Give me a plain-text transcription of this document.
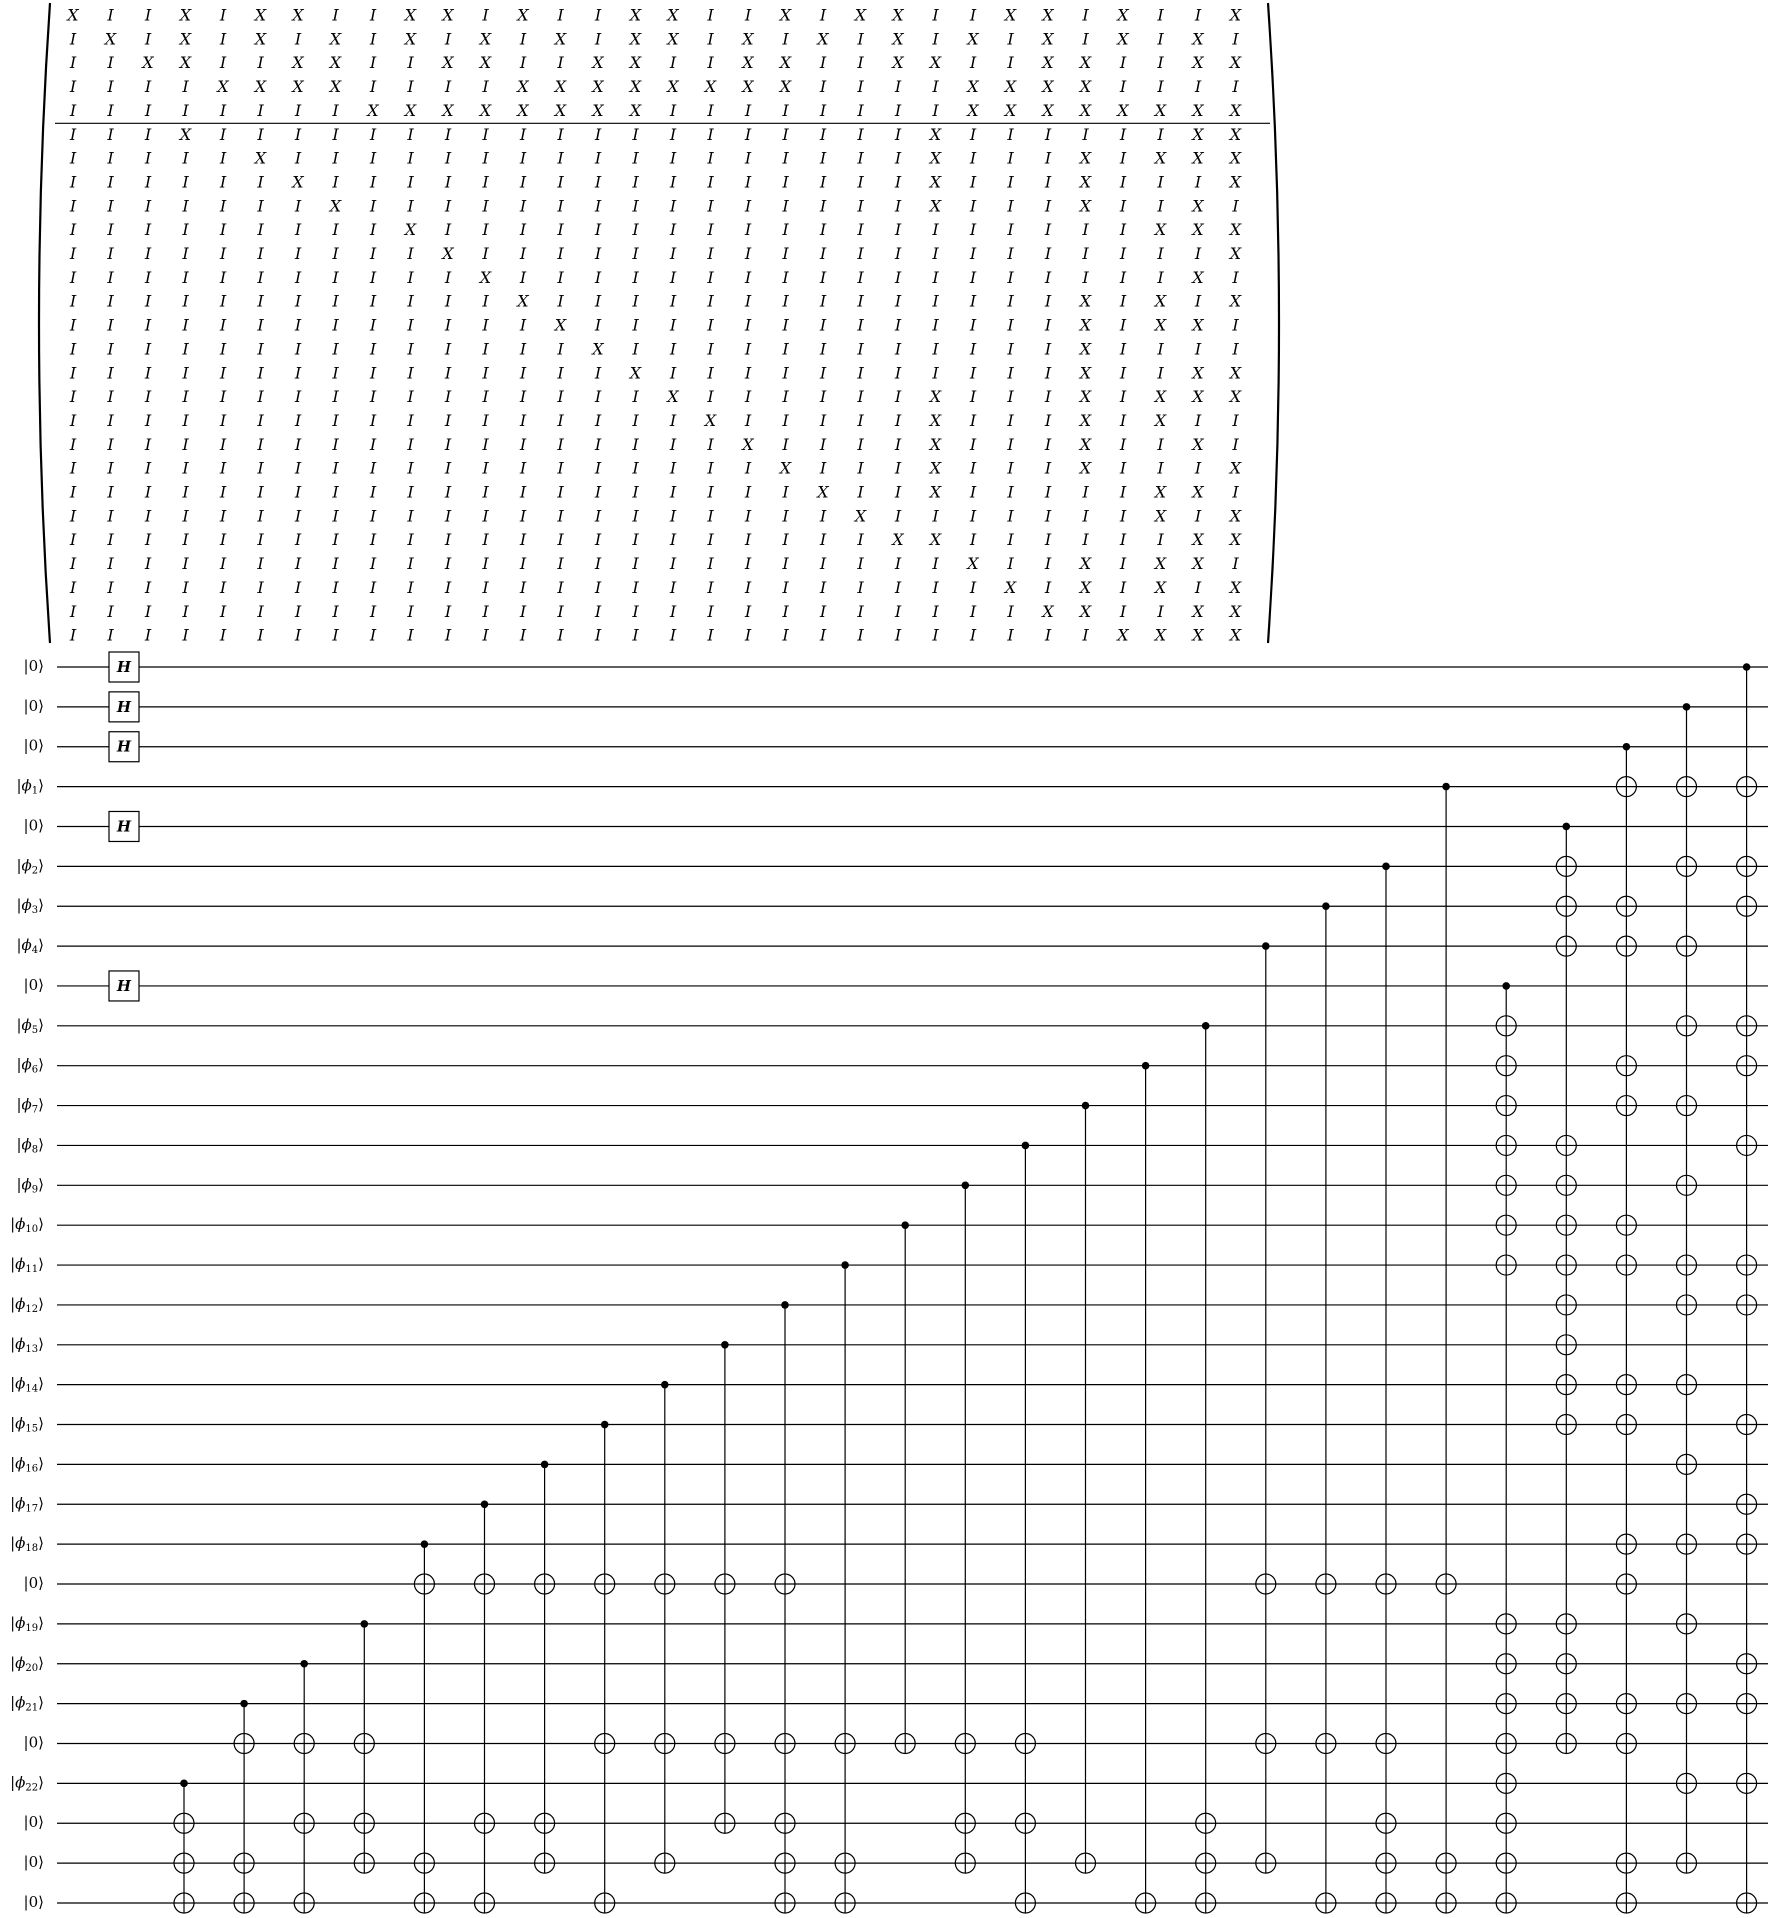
X I I X I X X I I X X I X I I X X I I X I X X I I X X I X I I X
I X I X I X I X I X I X I X I X X I X I X I X I X I X I X I X I
I I X X I I X X I I X X I I X X I I X X I I X X I I X X I I X X
I I I I X X X X I I I I X X X X X X X X I I I I X X X X I I I I
I I I I I I I I X X X X X X X X I I I I I I I I X X X X X X X X
I I I X I I I I I I I I I I I I I I I I I I I X I I I I I I X X
I I I I I X I I I I I I I I I I I I I I I I I X I I I X I X X X
I I I I I I X I I I I I I I I I I I I I I I I X I I I X I I I X
I I I I I I I X I I I I I I I I I I I I I I I X I I I X I I X I
I I I I I I I I I X I I I I I I I I I I I I I I I I I I I X X X
I I I I I I I I I I X I I I I I I I I I I I I I I I I I I I I X
I I I I I I I I I I I X I I I I I I I I I I I I I I I I I I X I
I I I I I I I I I I I I X I I I I I I I I I I I I I I X I X I X
I I I I I I I I I I I I I X I I I I I I I I I I I I I X I X X I
I I I I I I I I I I I I I I X I I I I I I I I I I I I X I I I I
I I I I I I I I I I I I I I I X I I I I I I I I I I I X I I X X
I I I I I I I I I I I I I I I I X I I I I I I X I I I X I X X X
I I I I I I I I I I I I I I I I I X I I I I I X I I I X I X I I
I I I I I I I I I I I I I I I I I I X I I I I X I I I X I I X I
I I I I I I I I I I I I I I I I I I I X I I I X I I I X I I I X
I I I I I I I I I I I I I I I I I I I I X I I X I I I I I X X I
I I I I I I I I I I I I I I I I I I I I I X I I I I I I I X I X
I I I I I I I I I I I I I I I I I I I I I I X X I I I I I I X X
I I I I I I I I I I I I I I I I I I I I I I I I X I I X I X X I
I I I I I I I I I I I I I I I I I I I I I I I I I X I X I X I X
I I I I I I I I I I I I I I I I I I I I I I I I I I X X I I X X
I I I I I I I I I I I I I I I I I I I I I I I I I I I I X X X X
H
H
H
H
H
|0⟩
|0⟩
|0⟩
$|\phi_1⟩$
|0⟩
$|\phi_2⟩$
$|\phi_3⟩$
$|\phi_4⟩$
|0⟩
$|\phi_5⟩$
$|\phi_6⟩$
$|\phi_7⟩$
$|\phi_8⟩$
$|\phi_9⟩$
$|\phi_{10}⟩$
$|\phi_{11}⟩$
$|\phi_{12}⟩$
$|\phi_{13}⟩$
$|\phi_{14}⟩$
$|\phi_{15}⟩$
$|\phi_{16}⟩$
$|\phi_{17}⟩$
$|\phi_{18}⟩$
|0⟩
$|\phi_{19}⟩$
$|\phi_{20}⟩$
$|\phi_{21}⟩$
|0⟩
$|\phi_{22}⟩$
|0⟩
|0⟩
|0⟩
